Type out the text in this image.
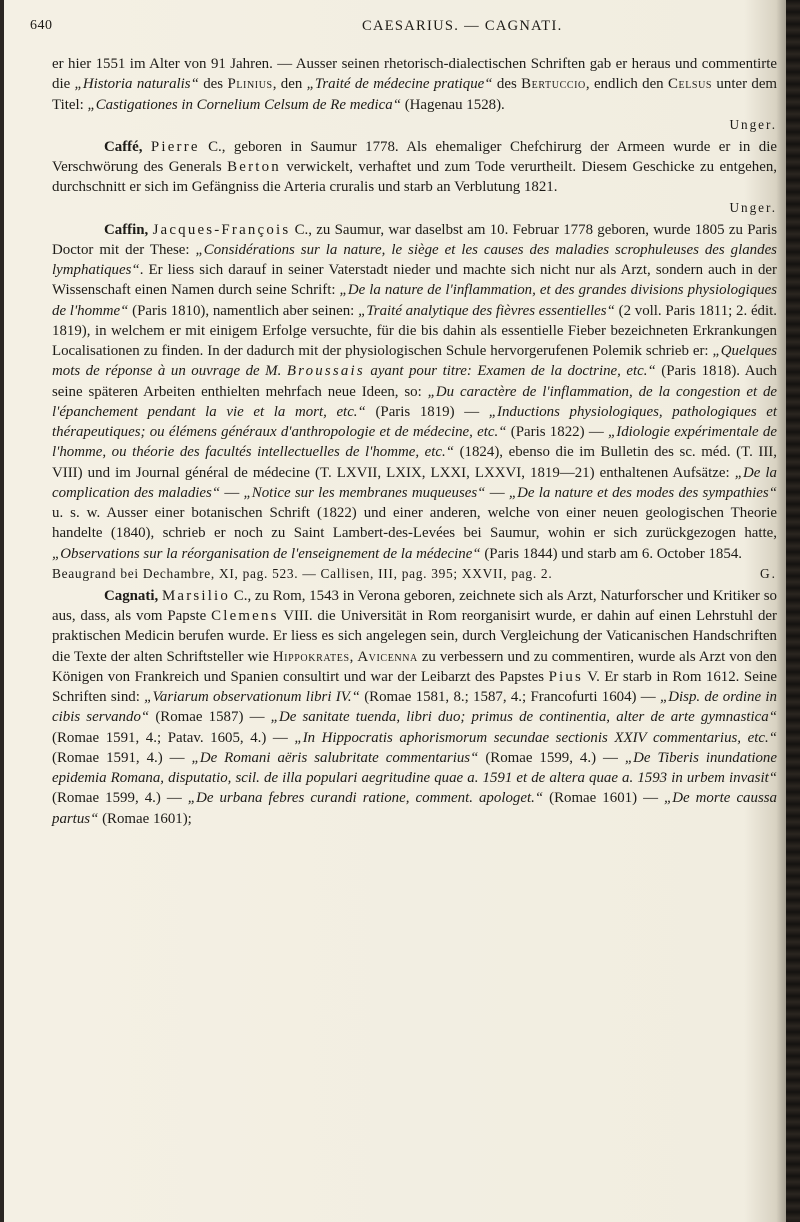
640	CAESARIUS. — CAGNATI.

er hier 1551 im Alter von 91 Jahren. — Ausser seinen rhetorisch-dialectischen Schriften gab er heraus und commentirte die „Historia naturalis“ des Plinius, den „Traité de médecine pratique“ des Bertuccio, endlich den Celsus unter dem Titel: „Castigationes in Cornelium Celsum de Re medica“ (Hagenau 1528).

Unger.

Caffé, Pierre C., geboren in Saumur 1778. Als ehemaliger Chefchirurg der Armeen wurde er in die Verschwörung des Generals Berton verwickelt, verhaftet und zum Tode verurtheilt. Diesem Geschicke zu entgehen, durchschnitt er sich im Gefängniss die Arteria cruralis und starb an Verblutung 1821.

Unger.

Caffin, Jacques-François C., zu Saumur, war daselbst am 10. Februar 1778 geboren, wurde 1805 zu Paris Doctor mit der These: „Considérations sur la nature, le siège et les causes des maladies scrophuleuses des glandes lymphatiques“. Er liess sich darauf in seiner Vaterstadt nieder und machte sich nicht nur als Arzt, sondern auch in der Wissenschaft einen Namen durch seine Schrift: „De la nature de l'inflammation, et des grandes divisions physiologiques de l'homme“ (Paris 1810), namentlich aber seinen: „Traité analytique des fièvres essentielles“ (2 voll. Paris 1811; 2. édit. 1819), in welchem er mit einigem Erfolge versuchte, für die bis dahin als essentielle Fieber bezeichneten Erkrankungen Localisationen zu finden. In der dadurch mit der physiologischen Schule hervorgerufenen Polemik schrieb er: „Quelques mots de réponse à un ouvrage de M. Broussais ayant pour titre: Examen de la doctrine, etc.“ (Paris 1818). Auch seine späteren Arbeiten enthielten mehrfach neue Ideen, so: „Du caractère de l'inflammation, de la congestion et de l'épanchement pendant la vie et la mort, etc.“ (Paris 1819) — „Inductions physiologiques, pathologiques et thérapeutiques; ou élémens généraux d'anthropologie et de médecine, etc.“ (Paris 1822) — „Idiologie expérimentale de l'homme, ou théorie des facultés intellectuelles de l'homme, etc.“ (1824), ebenso die im Bulletin des sc. méd. (T. III, VIII) und im Journal général de médecine (T. LXVII, LXIX, LXXI, LXXVI, 1819—21) enthaltenen Aufsätze: „De la complication des maladies“ — „Notice sur les membranes muqueuses“ — „De la nature et des modes des sympathies“ u. s. w. Ausser einer botanischen Schrift (1822) und einer anderen, welche von einer neuen geologischen Theorie handelte (1840), schrieb er noch zu Saint Lambert-des-Levées bei Saumur, wohin er sich zurückgezogen hatte, „Observations sur la réorganisation de l'enseignement de la médecine“ (Paris 1844) und starb am 6. October 1854.

G.
Beaugrand bei Dechambre, XI, pag. 523. — Callisen, III, pag. 395; XXVII, pag. 2.

Cagnati, Marsilio C., zu Rom, 1543 in Verona geboren, zeichnete sich als Arzt, Naturforscher und Kritiker so aus, dass, als vom Papste Clemens VIII. die Universität in Rom reorganisirt wurde, er dahin auf einen Lehrstuhl der praktischen Medicin berufen wurde. Er liess es sich angelegen sein, durch Vergleichung der Vaticanischen Handschriften die Texte der alten Schriftsteller wie Hippokrates, Avicenna zu verbessern und zu commentiren, wurde als Arzt von den Königen von Frankreich und Spanien consultirt und war der Leibarzt des Papstes Pius V. Er starb in Rom 1612. Seine Schriften sind: „Variarum observationum libri IV.“ (Romae 1581, 8.; 1587, 4.; Francofurti 1604) — „Disp. de ordine in cibis servando“ (Romae 1587) — „De sanitate tuenda, libri duo; primus de continentia, alter de arte gymnastica“ (Romae 1591, 4.; Patav. 1605, 4.) — „In Hippocratis aphorismorum secundae sectionis XXIV commentarius, etc.“ (Romae 1591, 4.) — „De Romani aëris salubritate commentarius“ (Romae 1599, 4.) — „De Tiberis inundatione epidemia Romana, disputatio, scil. de illa populari aegritudine quae a. 1591 et de altera quae a. 1593 in urbem invasit“ (Romae 1599, 4.) — „De urbana febres curandi ratione, comment. apologet.“ (Romae 1601) — „De morte caussa partus“ (Romae 1601);
